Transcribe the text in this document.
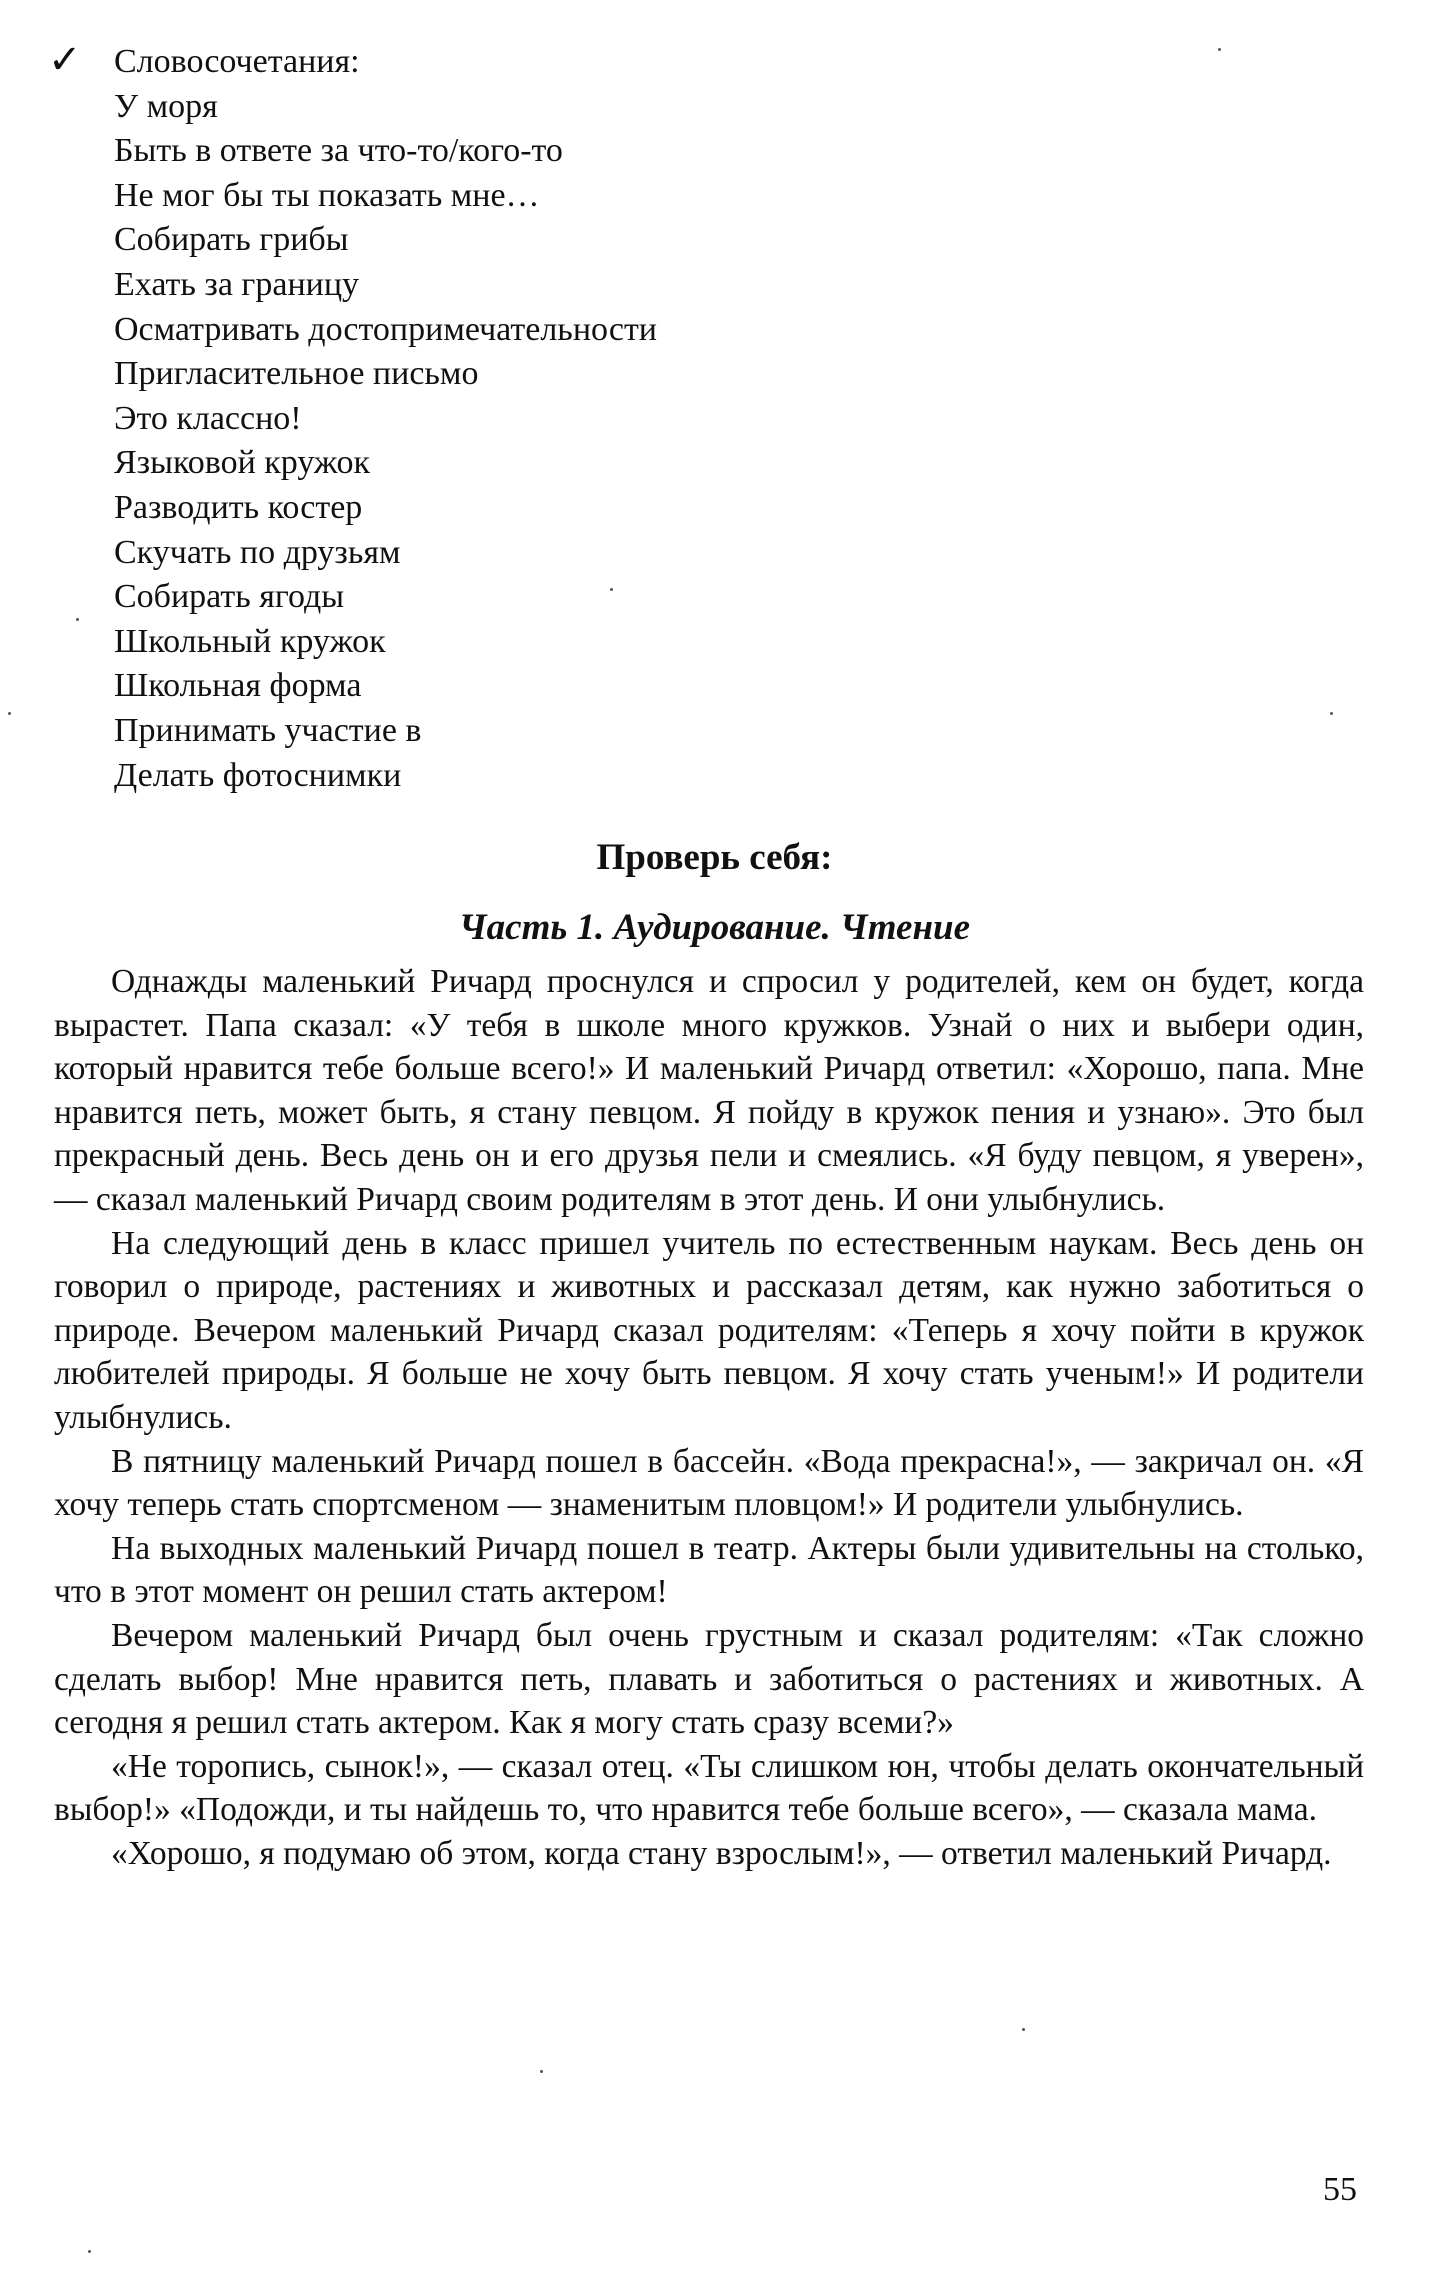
✓ Словосочетания:
У моря
Быть в ответе за что-то/кого-то
Не мог бы ты показать мне…
Собирать грибы
Ехать за границу
Осматривать достопримечательности
Пригласительное письмо
Это классно!
Языковой кружок
Разводить костер
Скучать по друзьям
Собирать ягоды
Школьный кружок
Школьная форма
Принимать участие в
Делать фотоснимки
Проверь себя:
Часть 1. Аудирование. Чтение

Однажды маленький Ричард проснулся и спросил у родителей, кем он будет, когда вырастет. Папа сказал: «У тебя в школе много кружков. Узнай о них и выбери один, который нравится тебе больше всего!» И маленький Ричард ответил: «Хорошо, папа. Мне нравится петь, может быть, я стану певцом. Я пойду в кружок пения и узнаю». Это был прекрасный день. Весь день он и его друзья пели и смеялись. «Я буду певцом, я уверен», — сказал маленький Ричард своим родителям в этот день. И они улыбнулись.

На следующий день в класс пришел учитель по естественным наукам. Весь день он говорил о природе, растениях и животных и рассказал детям, как нужно заботиться о природе. Вечером маленький Ричард сказал родителям: «Теперь я хочу пойти в кружок любителей природы. Я больше не хочу быть певцом. Я хочу стать ученым!» И родители улыбнулись.

В пятницу маленький Ричард пошел в бассейн. «Вода прекрасна!», — закричал он. «Я хочу теперь стать спортсменом — знаменитым пловцом!» И родители улыбнулись.

На выходных маленький Ричард пошел в театр. Актеры были удивительны на столько, что в этот момент он решил стать актером!

Вечером маленький Ричард был очень грустным и сказал родителям: «Так сложно сделать выбор! Мне нравится петь, плавать и заботиться о растениях и животных. А сегодня я решил стать актером. Как я могу стать сразу всеми?»

«Не торопись, сынок!», — сказал отец. «Ты слишком юн, чтобы делать окончательный выбор!» «Подожди, и ты найдешь то, что нравится тебе больше всего», — сказала мама.

«Хорошо, я подумаю об этом, когда стану взрослым!», — ответил маленький Ричард.

55
